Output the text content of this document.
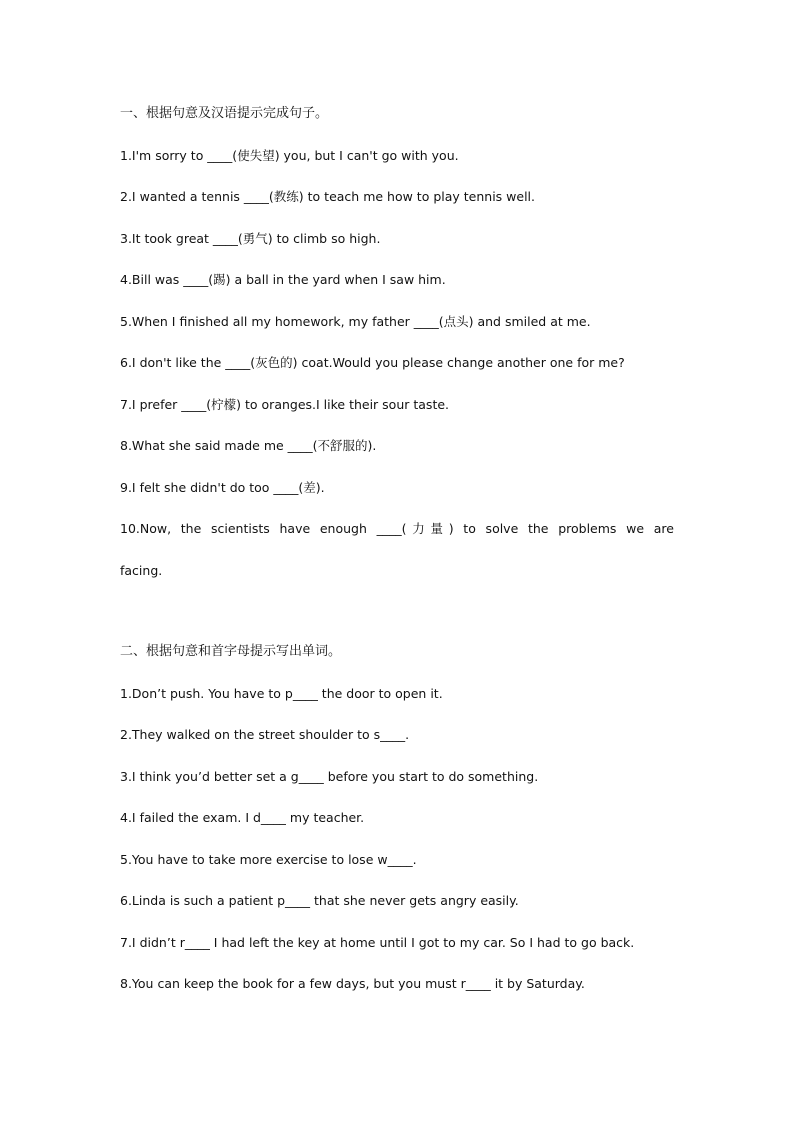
一、根据句意及汉语提示完成句子。
1.I'm sorry to ____(使失望) you, but I can't go with you.
2.I wanted a tennis ____(教练) to teach me how to play tennis well.
3.It took great ____(勇气) to climb so high.
4.Bill was ____(踢) a ball in the yard when I saw him.
5.When I finished all my homework, my father ____(点头) and smiled at me.
6.I don't like the ____(灰色的) coat.Would you please change another one for me?
7.I prefer ____(柠檬) to oranges.I like their sour taste.
8.What she said made me ____(不舒服的).
9.I felt she didn't do too ____(差).
10.Now, the scientists have enough ____(力量) to solve the problems we are
facing.
二、根据句意和首字母提示写出单词。
1.Don’t push. You have to p____ the door to open it.
2.They walked on the street shoulder to s____.
3.I think you’d better set a g____ before you start to do something.
4.I failed the exam. I d____ my teacher.
5.You have to take more exercise to lose w____.
6.Linda is such a patient p____ that she never gets angry easily.
7.I didn’t r____ I had left the key at home until I got to my car. So I had to go back.
8.You can keep the book for a few days, but you must r____ it by Saturday.
